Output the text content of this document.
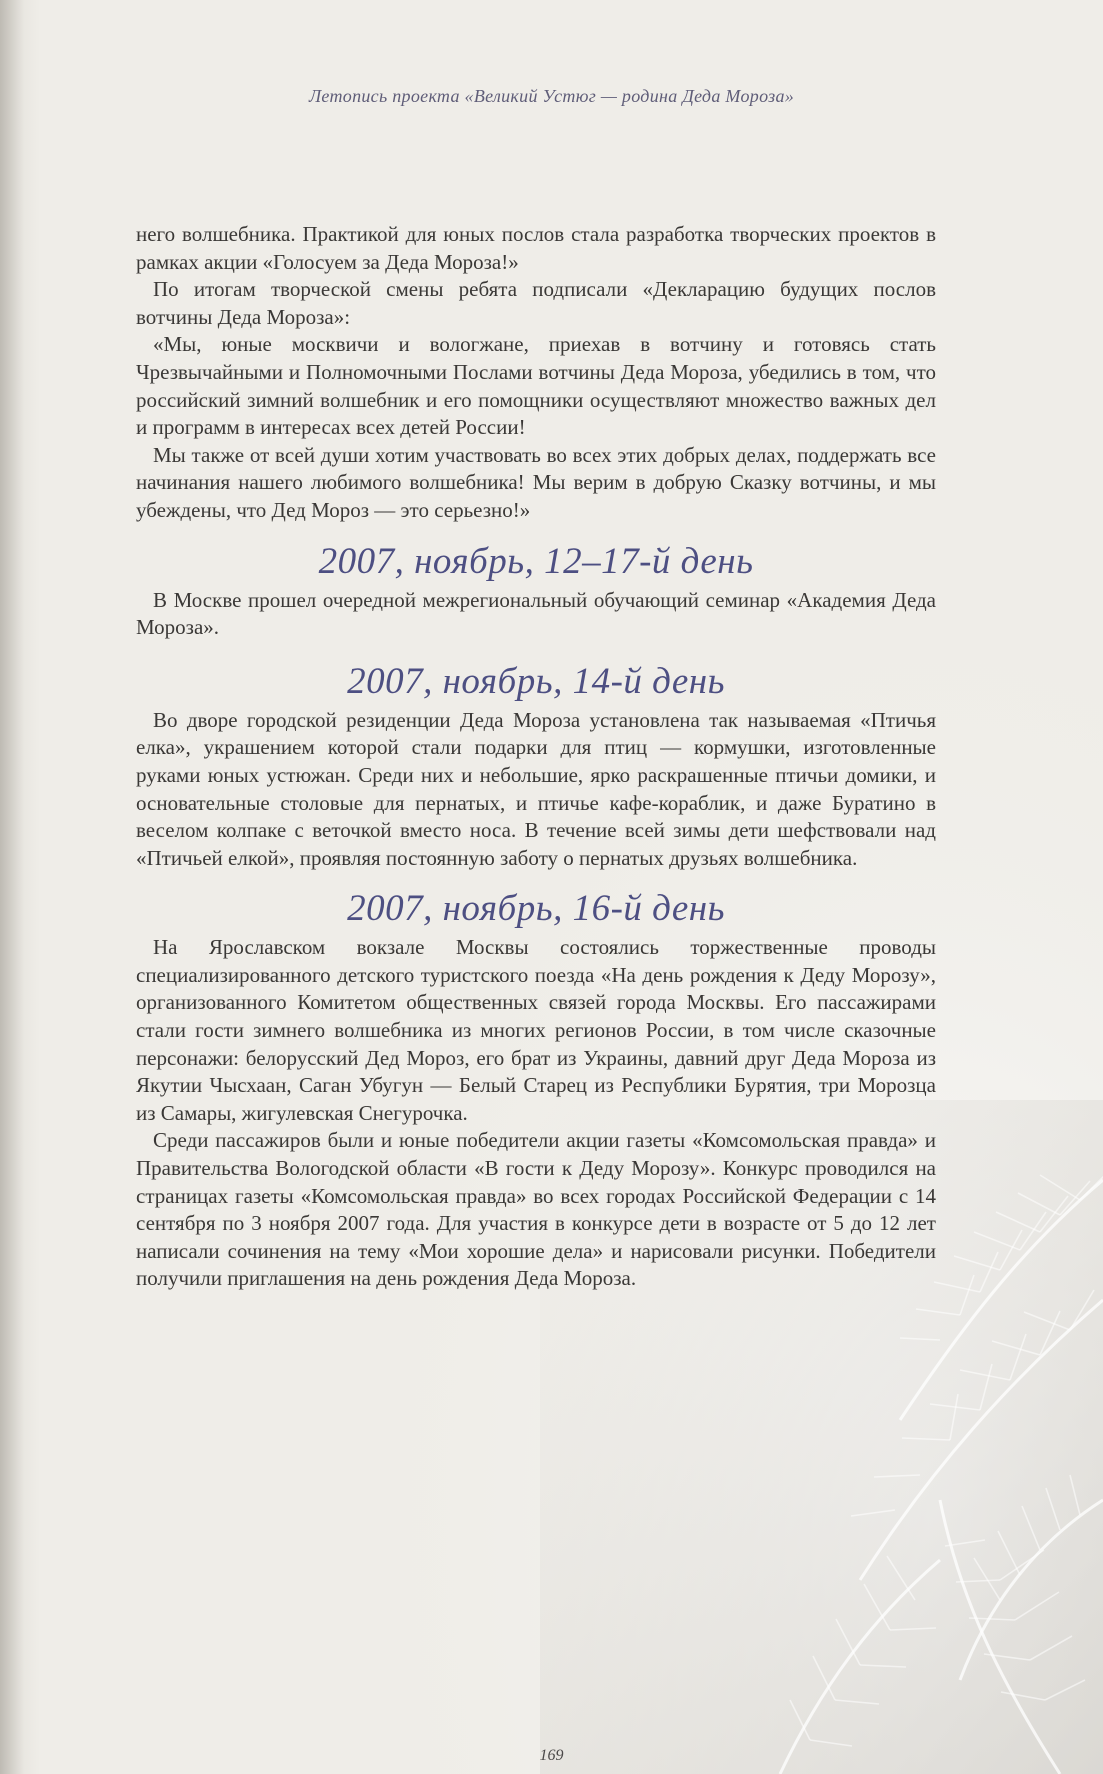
Летопись проекта «Великий Устюг — родина Деда Мороза»

него волшебника. Практикой для юных послов стала разработка творческих проектов в рамках акции «Голосуем за Деда Мороза!»

По итогам творческой смены ребята подписали «Декларацию будущих послов вотчины Деда Мороза»:

«Мы, юные москвичи и вологжане, приехав в вотчину и готовясь стать Чрезвычайными и Полномочными Послами вотчины Деда Мороза, убедились в том, что российский зимний волшебник и его помощники осуществляют множество важных дел и программ в интересах всех детей России!

Мы также от всей души хотим участвовать во всех этих добрых делах, поддержать все начинания нашего любимого волшебника! Мы верим в добрую Сказку вотчины, и мы убеждены, что Дед Мороз — это серьезно!»

2007, ноябрь, 12–17-й день

В Москве прошел очередной межрегиональный обучающий семинар «Академия Деда Мороза».

2007, ноябрь, 14-й день

Во дворе городской резиденции Деда Мороза установлена так называемая «Птичья елка», украшением которой стали подарки для птиц — кормушки, изготовленные руками юных устюжан. Среди них и небольшие, ярко раскрашенные птичьи домики, и основательные столовые для пернатых, и птичье кафе-кораблик, и даже Буратино в веселом колпаке с веточкой вместо носа. В течение всей зимы дети шефствовали над «Птичьей елкой», проявляя постоянную заботу о пернатых друзьях волшебника.

2007, ноябрь, 16-й день

На Ярославском вокзале Москвы состоялись торжественные проводы специализированного детского туристского поезда «На день рождения к Деду Морозу», организованного Комитетом общественных связей города Москвы. Его пассажирами стали гости зимнего волшебника из многих регионов России, в том числе сказочные персонажи: белорусский Дед Мороз, его брат из Украины, давний друг Деда Мороза из Якутии Чысхаан, Саган Убугун — Белый Старец из Республики Бурятия, три Морозца из Самары, жигулевская Снегурочка.

Среди пассажиров были и юные победители акции газеты «Комсомольская правда» и Правительства Вологодской области «В гости к Деду Морозу». Конкурс проводился на страницах газеты «Комсомольская правда» во всех городах Российской Федерации с 14 сентября по 3 ноября 2007 года. Для участия в конкурсе дети в возрасте от 5 до 12 лет написали сочинения на тему «Мои хорошие дела» и нарисовали рисунки. Победители получили приглашения на день рождения Деда Мороза.

169
